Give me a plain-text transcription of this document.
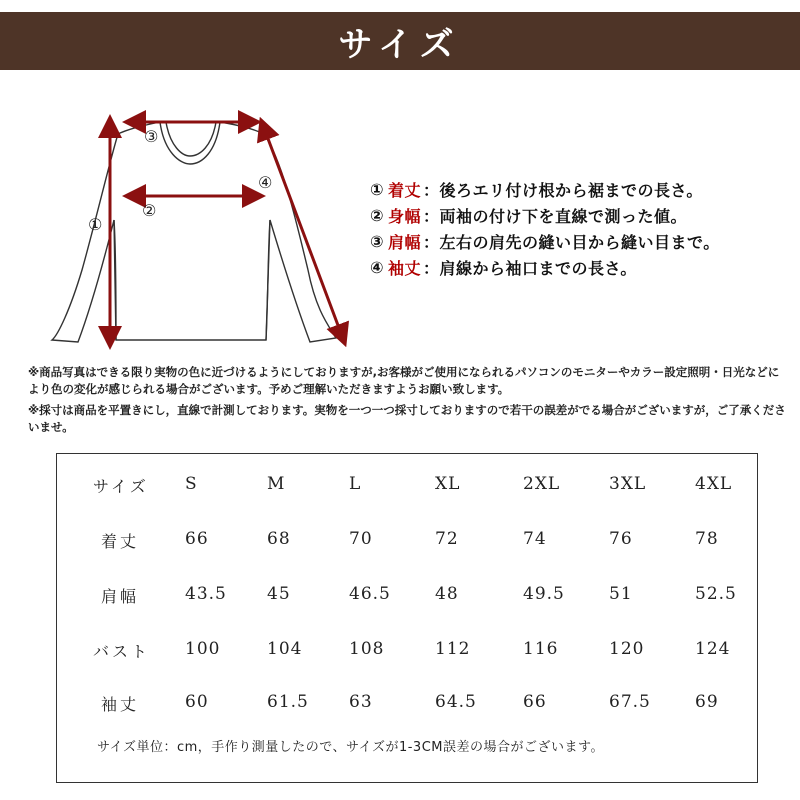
サイズ
①
②
③
④	① 着丈 ： 後ろエリ付け根から裾までの長さ。
② 身幅 ： 両袖の付け下を直線で測った値。
③ 肩幅 ： 左右の肩先の縫い目から縫い目まで。
④ 袖丈 ： 肩線から袖口までの長さ。

※商品写真はできる限り実物の色に近づけるようにしておりますが,お客様がご使用になられるパソコンのモニターやカラー設定照明・日光などにより色の変化が感じられる場合がございます。予めご理解いただきますようお願い致します。

※採寸は商品を平置きにし，直線で計測しております。実物を一つ一つ採寸しておりますので若干の誤差がでる場合がございますが，ご了承くださいませ。

サイズ S	M	L	XL	2XL	3XL	4XL
着丈	66	68	70	72	74	76	78
肩幅	43.5 45	46.5	48	49.5	51	52.5
バスト 100	104	108	112	116	120	124
袖丈	60	61.5 63	64.5	66	67.5	69

サイズ単位：cm，手作り測量したので、サイズが1-3CM誤差の場合がございます。
